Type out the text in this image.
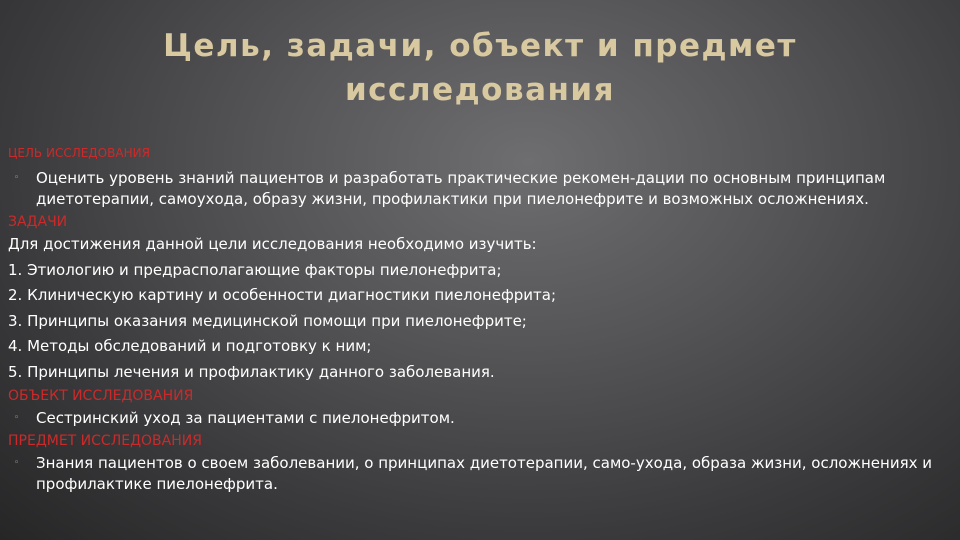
Цель, задачи, объект и предмет
исследования
ЦЕЛЬ ИССЛЕДОВАНИЯ
◦	Оценить уровень знаний пациентов и разработать практические рекомен-дации по основным принципам диетотерапии, самоухода, образу жизни, профилактики при пиелонефрите и возможных осложнениях.
ЗАДАЧИ
Для достижения данной цели исследования необходимо изучить:
1. Этиологию и предрасполагающие факторы пиелонефрита;
2. Клиническую картину и особенности диагностики пиелонефрита;
3. Принципы оказания медицинской помощи при пиелонефрите;
4. Методы обследований и подготовку к ним;
5. Принципы лечения и профилактику данного заболевания.
ОБЪЕКТ ИССЛЕДОВАНИЯ
◦	Сестринский уход за пациентами с пиелонефритом.
ПРЕДМЕТ ИССЛЕДОВАНИЯ
◦	Знания пациентов о своем заболевании, о принципах диетотерапии, само-ухода, образа жизни, осложнениях и профилактике пиелонефрита.
